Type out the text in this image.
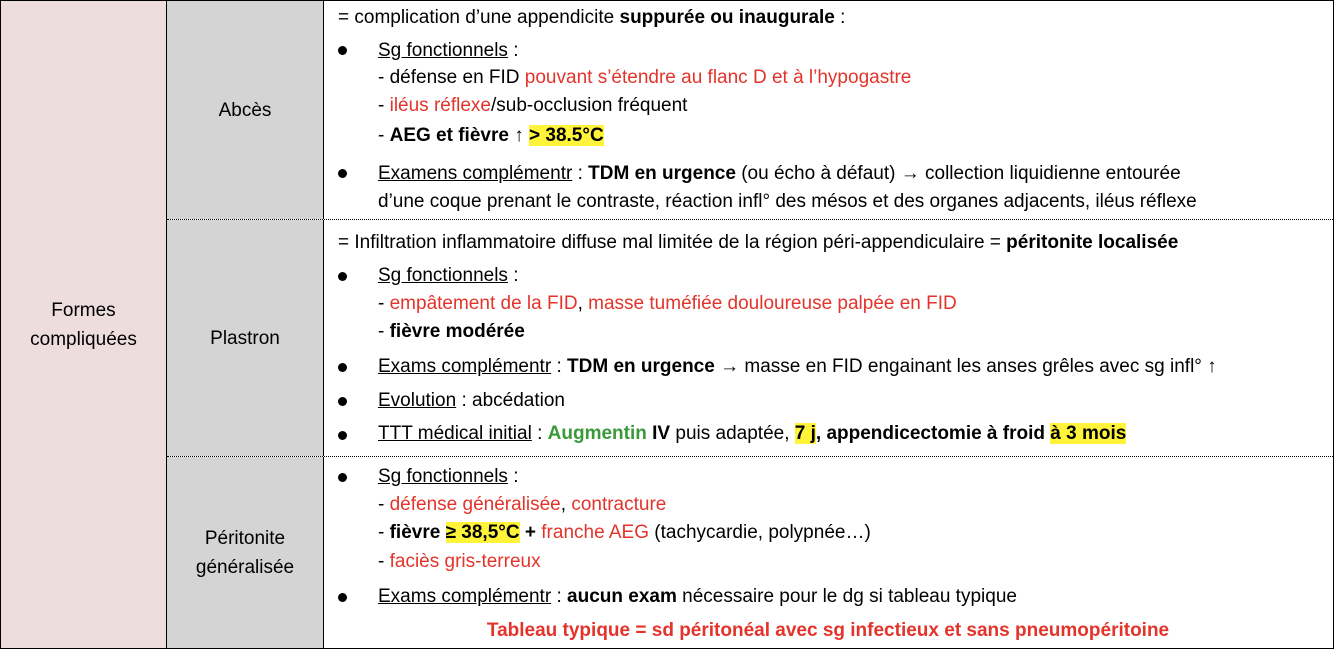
Formes
compliquées
Abcès
Plastron
Péritonite
généralisée
= complication d’une appendicite suppurée ou inaugurale :
Sg fonctionnels :
- défense en FID pouvant s’étendre au flanc D et à l’hypogastre
- iléus réflexe/sub-occlusion fréquent
- AEG et fièvre ↑ > 38.5°C
Examens complémentr : TDM en urgence (ou écho à défaut) → collection liquidienne entourée
d’une coque prenant le contraste, réaction infl° des mésos et des organes adjacents, iléus réflexe
= Infiltration inflammatoire diffuse mal limitée de la région péri-appendiculaire = péritonite localisée
Sg fonctionnels :
- empâtement de la FID, masse tuméfiée douloureuse palpée en FID
- fièvre modérée
Exams complémentr : TDM en urgence → masse en FID engainant les anses grêles avec sg infl° ↑
Evolution : abcédation
TTT médical initial : Augmentin IV puis adaptée, 7 j, appendicectomie à froid à 3 mois
Sg fonctionnels :
- défense généralisée, contracture
- fièvre ≥ 38,5°C + franche AEG (tachycardie, polypnée…)
- faciès gris-terreux
Exams complémentr : aucun exam nécessaire pour le dg si tableau typique
Tableau typique = sd péritonéal avec sg infectieux et sans pneumopéritoine
